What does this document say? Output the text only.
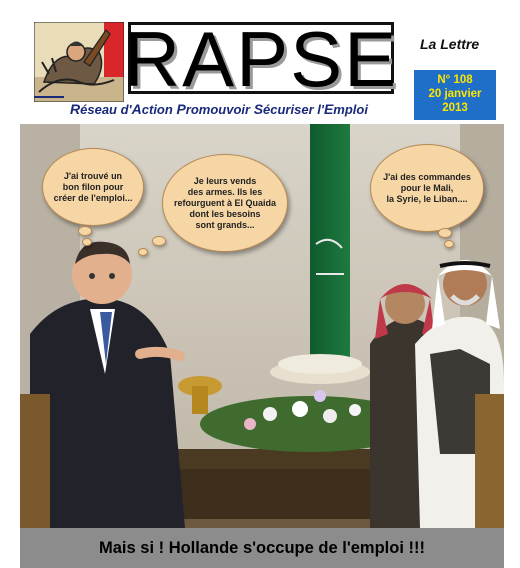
RAPSE
Réseau d'Action Promouvoir Sécuriser l'Emploi
La Lettre
N° 108
20 janvier
2013
J'ai trouvé un
bon filon pour
créer de l'emploi...
Je leurs vends
des armes. Ils les
refourguent à El Quaida
dont les besoins
sont grands...
J'ai des commandes
pour le Mali,
la Syrie, le Liban....
Mais si ! Hollande s'occupe de l'emploi !!!
